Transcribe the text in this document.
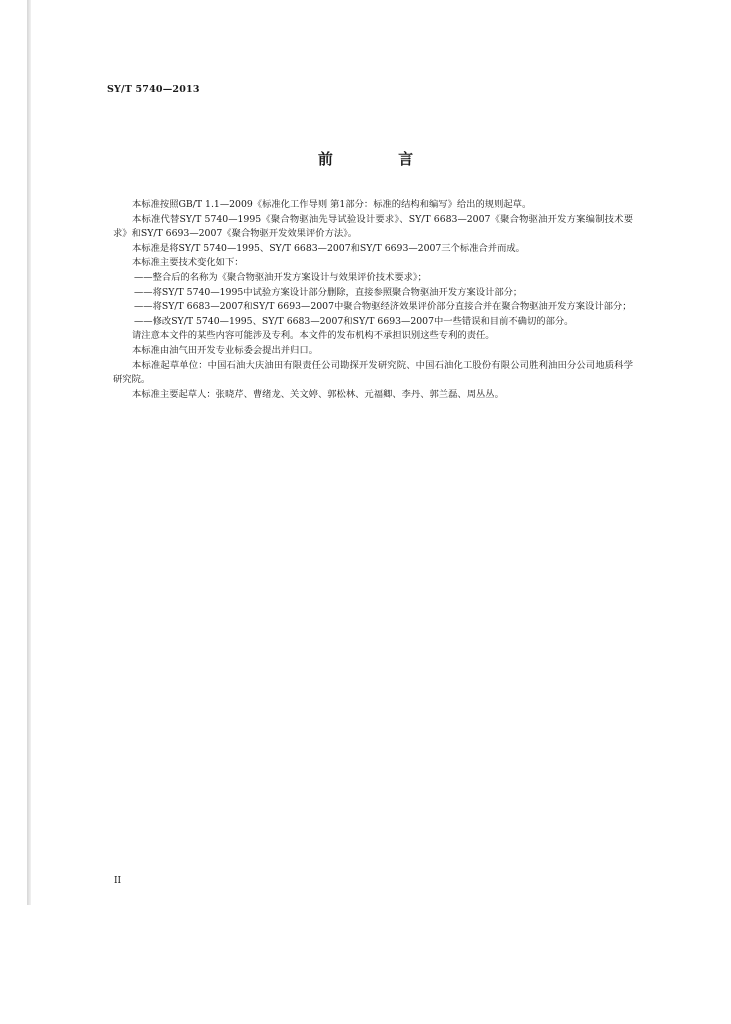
SY/T 5740—2013
前 言

本标准按照GB/T 1.1—2009《标准化工作导则 第1部分：标准的结构和编写》给出的规则起草。

本标准代替SY/T 5740—1995《聚合物驱油先导试验设计要求》、SY/T 6683—2007《聚合物驱油开发方案编制技术要求》和SY/T 6693—2007《聚合物驱开发效果评价方法》。

本标准是将SY/T 5740—1995、SY/T 6683—2007和SY/T 6693—2007三个标准合并而成。

本标准主要技术变化如下：

——整合后的名称为《聚合物驱油开发方案设计与效果评价技术要求》；

——将SY/T 5740—1995中试验方案设计部分删除，直接参照聚合物驱油开发方案设计部分；

——将SY/T 6683—2007和SY/T 6693—2007中聚合物驱经济效果评价部分直接合并在聚合物驱油开发方案设计部分；

——修改SY/T 5740—1995、SY/T 6683—2007和SY/T 6693—2007中一些错误和目前不确切的部分。

请注意本文件的某些内容可能涉及专利。本文件的发布机构不承担识别这些专利的责任。

本标准由油气田开发专业标委会提出并归口。

本标准起草单位：中国石油大庆油田有限责任公司勘探开发研究院、中国石油化工股份有限公司胜利油田分公司地质科学研究院。

本标准主要起草人：张晓芹、曹绪龙、关文婷、郭松林、元福卿、李丹、郭兰磊、周丛丛。

II
